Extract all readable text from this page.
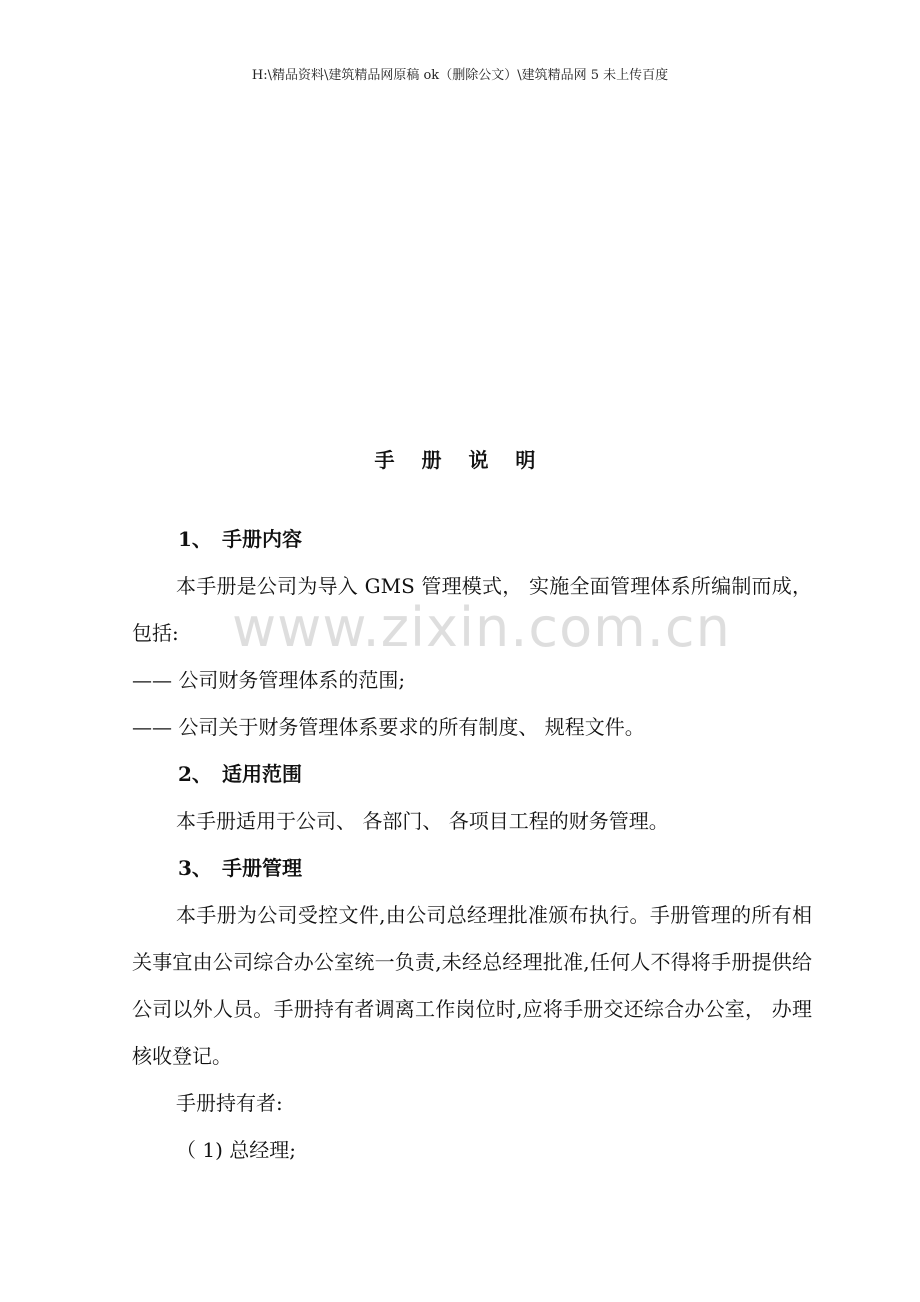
H:\精品资料\建筑精品网原稿 ok（删除公文）\建筑精品网 5 未上传百度
手 册 说 明
www.zixin.com.cn
1、 手册内容
本手册是公司为导入 GMS 管理模式， 实施全面管理体系所编制而成，包括:
—— 公司财务管理体系的范围;
—— 公司关于财务管理体系要求的所有制度、 规程文件。
2、 适用范围
本手册适用于公司、 各部门、 各项目工程的财务管理。
3、 手册管理
本手册为公司受控文件,由公司总经理批准颁布执行。手册管理的所有相关事宜由公司综合办公室统一负责,未经总经理批准,任何人不得将手册提供给公司以外人员。手册持有者调离工作岗位时,应将手册交还综合办公室， 办理核收登记。
手册持有者:
（ 1) 总经理;
